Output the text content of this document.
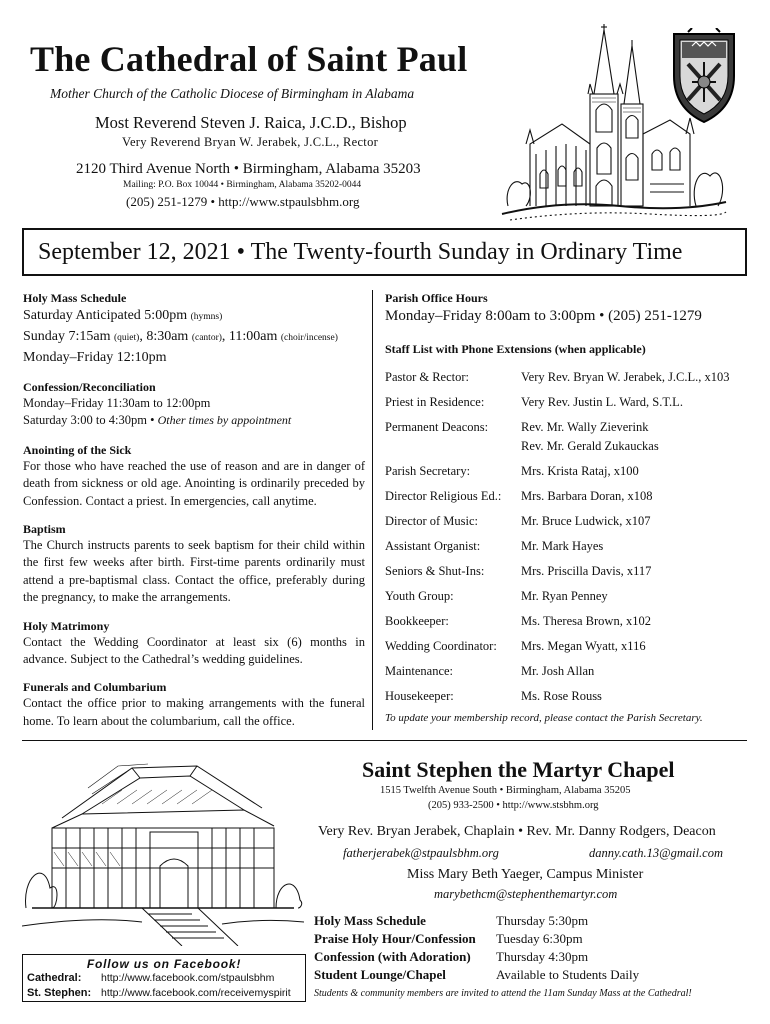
The Cathedral of Saint Paul
Mother Church of the Catholic Diocese of Birmingham in Alabama
Most Reverend Steven J. Raica, J.C.D., Bishop
Very Reverend Bryan W. Jerabek, J.C.L., Rector
2120 Third Avenue North • Birmingham, Alabama 35203
Mailing: P.O. Box 10044 • Birmingham, Alabama 35202-0044
(205) 251-1279 • http://www.stpaulsbhm.org
September 12, 2021 • The Twenty-fourth Sunday in Ordinary Time
Holy Mass Schedule
Saturday Anticipated 5:00pm (hymns)
Sunday 7:15am (quiet), 8:30am (cantor), 11:00am (choir/incense)
Monday–Friday 12:10pm
Confession/Reconciliation
Monday–Friday 11:30am to 12:00pm
Saturday 3:00 to 4:30pm • Other times by appointment
Anointing of the Sick
For those who have reached the use of reason and are in danger of death from sickness or old age. Anointing is ordinarily preceded by Confession. Contact a priest. In emergencies, call anytime.
Baptism
The Church instructs parents to seek baptism for their child within the first few weeks after birth. First-time parents ordinarily must attend a pre-baptismal class. Contact the office, preferably during the pregnancy, to make the arrangements.
Holy Matrimony
Contact the Wedding Coordinator at least six (6) months in advance. Subject to the Cathedral’s wedding guidelines.
Funerals and Columbarium
Contact the office prior to making arrangements with the funeral home. To learn about the columbarium, call the office.
Parish Office Hours
Monday–Friday 8:00am to 3:00pm • (205) 251-1279
Staff List with Phone Extensions (when applicable)
Pastor & Rector:	Very Rev. Bryan W. Jerabek, J.C.L., x103
Priest in Residence:	Very Rev. Justin L. Ward, S.T.L.
Permanent Deacons:	Rev. Mr. Wally Zieverink
Rev. Mr. Gerald Zukauckas
Parish Secretary:	Mrs. Krista Rataj, x100
Director Religious Ed.:	Mrs. Barbara Doran, x108
Director of Music:	Mr. Bruce Ludwick, x107
Assistant Organist:	Mr. Mark Hayes
Seniors & Shut-Ins:	Mrs. Priscilla Davis, x117
Youth Group:	Mr. Ryan Penney
Bookkeeper:	Ms. Theresa Brown, x102
Wedding Coordinator:	Mrs. Megan Wyatt, x116
Maintenance:	Mr. Josh Allan
Housekeeper:	Ms. Rose Rouss
To update your membership record, please contact the Parish Secretary.
Saint Stephen the Martyr Chapel
1515 Twelfth Avenue South • Birmingham, Alabama 35205
(205) 933-2500 • http://www.stsbhm.org
Very Rev. Bryan Jerabek, Chaplain • Rev. Mr. Danny Rodgers, Deacon
fatherjerabek@stpaulsbhm.org	danny.cath.13@gmail.com
Miss Mary Beth Yaeger, Campus Minister
marybethcm@stephenthemartyr.com
Holy Mass Schedule	Thursday 5:30pm
Praise Holy Hour/Confession	Tuesday 6:30pm
Confession (with Adoration)	Thursday 4:30pm
Student Lounge/Chapel	Available to Students Daily
Students & community members are invited to attend the 11am Sunday Mass at the Cathedral!
Follow us on Facebook!
Cathedral:	http://www.facebook.com/stpaulsbhm
St. Stephen: http://www.facebook.com/receivemyspirit
